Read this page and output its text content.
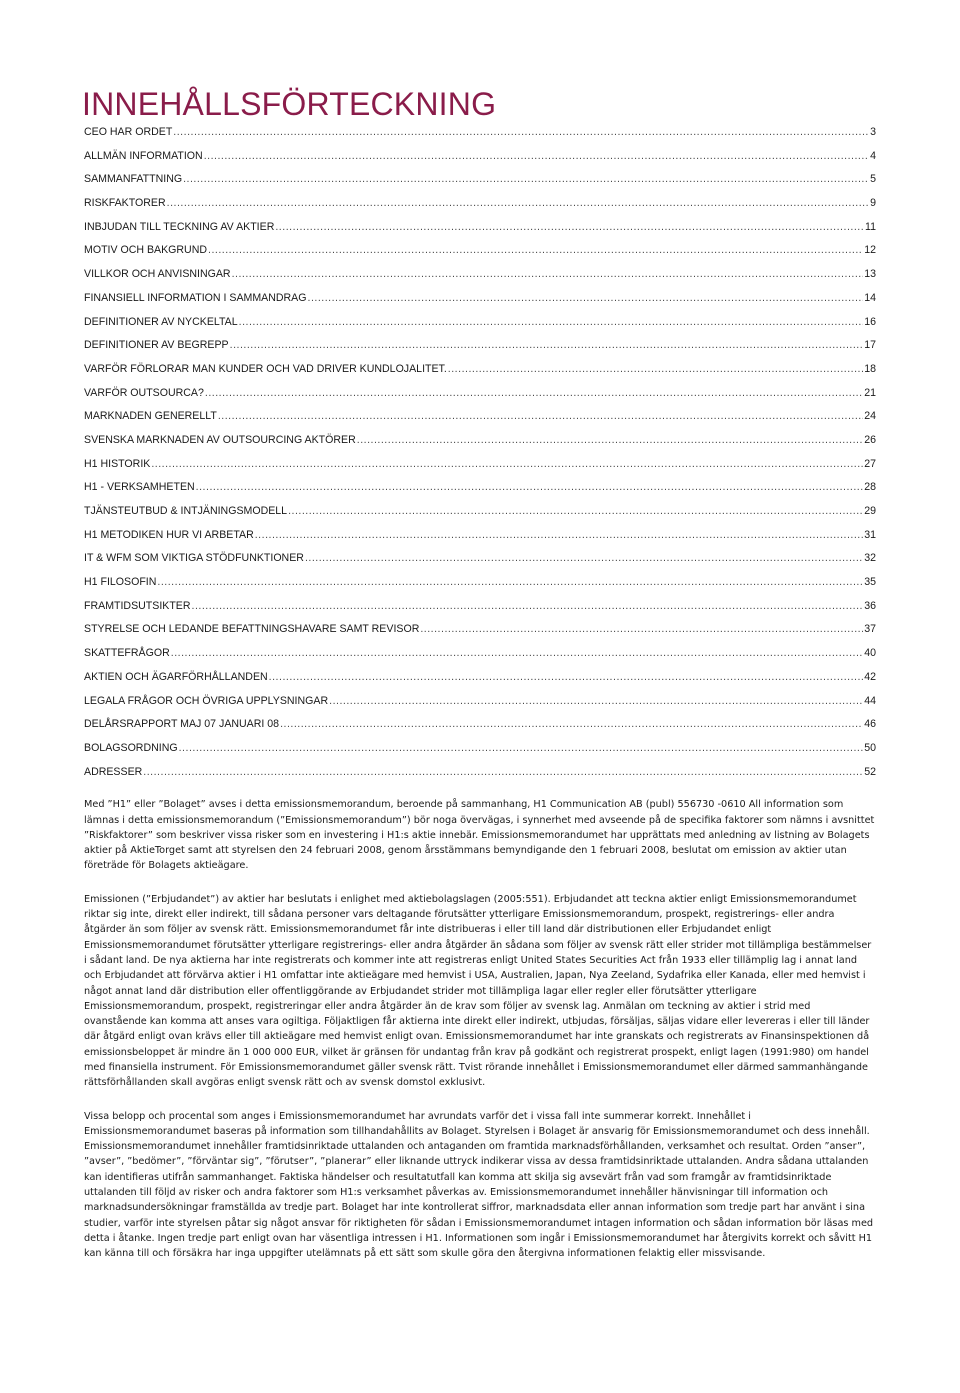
INNEHÅLLSFÖRTECKNING
CEO HAR ORDET .....	3
ALLMÄN INFORMATION .....	4
SAMMANFATTNING .....	5
RISKFAKTORER .....	9
INBJUDAN TILL TECKNING AV AKTIER .....	11
MOTIV OCH BAKGRUND .....	12
VILLKOR OCH ANVISNINGAR .....	13
FINANSIELL INFORMATION I SAMMANDRAG .....	14
DEFINITIONER AV NYCKELTAL .....	16
DEFINITIONER AV BEGREPP .....	17
VARFÖR FÖRLORAR MAN KUNDER OCH VAD DRIVER KUNDLOJALITET. .....	18
VARFÖR OUTSOURCA? .....	21
MARKNADEN GENERELLT .....	24
SVENSKA MARKNADEN AV OUTSOURCING AKTÖRER .....	26
H1 HISTORIK .....	27
H1 - VERKSAMHETEN .....	28
TJÄNSTEUTBUD & INTJÄNINGSMODELL .....	29
H1 METODIKEN HUR VI ARBETAR .....	31
IT & WFM SOM VIKTIGA STÖDFUNKTIONER .....	32
H1 FILOSOFIN .....	35
FRAMTIDSUTSIKTER .....	36
STYRELSE OCH LEDANDE BEFATTNINGSHAVARE SAMT REVISOR .....	37
SKATTEFRÅGOR .....	40
AKTIEN OCH ÄGARFÖRHÅLLANDEN .....	42
LEGALA FRÅGOR OCH ÖVRIGA UPPLYSNINGAR .....	44
DELÅRSRAPPORT MAJ 07 JANUARI 08 .....	46
BOLAGSORDNING .....	50
ADRESSER .....	52

Med ”H1” eller ”Bolaget” avses i detta emissionsmemorandum, beroende på sammanhang, H1 Communication AB (publ) 556730 -0610 All information som lämnas i detta emissionsmemorandum (”Emissionsmemorandum”) bör noga övervägas, i synnerhet med avseende på de specifika faktorer som nämns i avsnittet ”Riskfaktorer” som beskriver vissa risker som en investering i H1:s aktie innebär. Emissionsmemorandumet har upprättats med anledning av listning av Bolagets aktier på AktieTorget samt att styrelsen den 24 februari 2008, genom årsstämmans bemyndigande den 1 februari 2008, beslutat om emission av aktier utan företräde för Bolagets aktieägare.

Emissionen (”Erbjudandet”) av aktier har beslutats i enlighet med aktiebolagslagen (2005:551). Erbjudandet att teckna aktier enligt Emissionsmemorandumet riktar sig inte, direkt eller indirekt, till sådana personer vars deltagande förutsätter ytterligare Emissionsmemorandum, prospekt, registrerings- eller andra åtgärder än som följer av svensk rätt. Emissionsmemorandumet får inte distribueras i eller till land där distributionen eller Erbjudandet enligt Emissionsmemorandumet förutsätter ytterligare registrerings- eller andra åtgärder än sådana som följer av svensk rätt eller strider mot tillämpliga bestämmelser i sådant land. De nya aktierna har inte registrerats och kommer inte att registreras enligt United States Securities Act från 1933 eller tillämplig lag i annat land och Erbjudandet att förvärva aktier i H1 omfattar inte aktieägare med hemvist i USA, Australien, Japan, Nya Zeeland, Sydafrika eller Kanada, eller med hemvist i något annat land där distribution eller offentliggörande av Erbjudandet strider mot tillämpliga lagar eller regler eller förutsätter ytterligare Emissionsmemorandum, prospekt, registreringar eller andra åtgärder än de krav som följer av svensk lag. Anmälan om teckning av aktier i strid med ovanstående kan komma att anses vara ogiltiga. Följaktligen får aktierna inte direkt eller indirekt, utbjudas, försäljas, säljas vidare eller levereras i eller till länder där åtgärd enligt ovan krävs eller till aktieägare med hemvist enligt ovan. Emissionsmemorandumet har inte granskats och registrerats av Finansinspektionen då emissionsbeloppet är mindre än 1 000 000 EUR, vilket är gränsen för undantag från krav på godkänt och registrerat prospekt, enligt lagen (1991:980) om handel med finansiella instrument. För Emissionsmemorandumet gäller svensk rätt. Tvist rörande innehållet i Emissionsmemorandumet eller därmed sammanhängande rättsförhållanden skall avgöras enligt svensk rätt och av svensk domstol exklusivt.

Vissa belopp och procental som anges i Emissionsmemorandumet har avrundats varför det i vissa fall inte summerar korrekt. Innehållet i Emissionsmemorandumet baseras på information som tillhandahållits av Bolaget. Styrelsen i Bolaget är ansvarig för Emissionsmemorandumet och dess innehåll. Emissionsmemorandumet innehåller framtidsinriktade uttalanden och antaganden om framtida marknadsförhållanden, verksamhet och resultat. Orden ”anser”, ”avser”, ”bedömer”, ”förväntar sig”, ”förutser”, ”planerar” eller liknande uttryck indikerar vissa av dessa framtidsinriktade uttalanden. Andra sådana uttalanden kan identifieras utifrån sammanhanget. Faktiska händelser och resultatutfall kan komma att skilja sig avsevärt från vad som framgår av framtidsinriktade uttalanden till följd av risker och andra faktorer som H1:s verksamhet påverkas av. Emissionsmemorandumet innehåller hänvisningar till information och marknadsundersökningar framställda av tredje part. Bolaget har inte kontrollerat siffror, marknadsdata eller annan information som tredje part har använt i sina studier, varför inte styrelsen påtar sig något ansvar för riktigheten för sådan i Emissionsmemorandumet intagen information och sådan information bör läsas med detta i åtanke. Ingen tredje part enligt ovan har väsentliga intressen i H1. Informationen som ingår i Emissionsmemorandumet har återgivits korrekt och såvitt H1 kan känna till och försäkra har inga uppgifter utelämnats på ett sätt som skulle göra den återgivna informationen felaktig eller missvisande.
